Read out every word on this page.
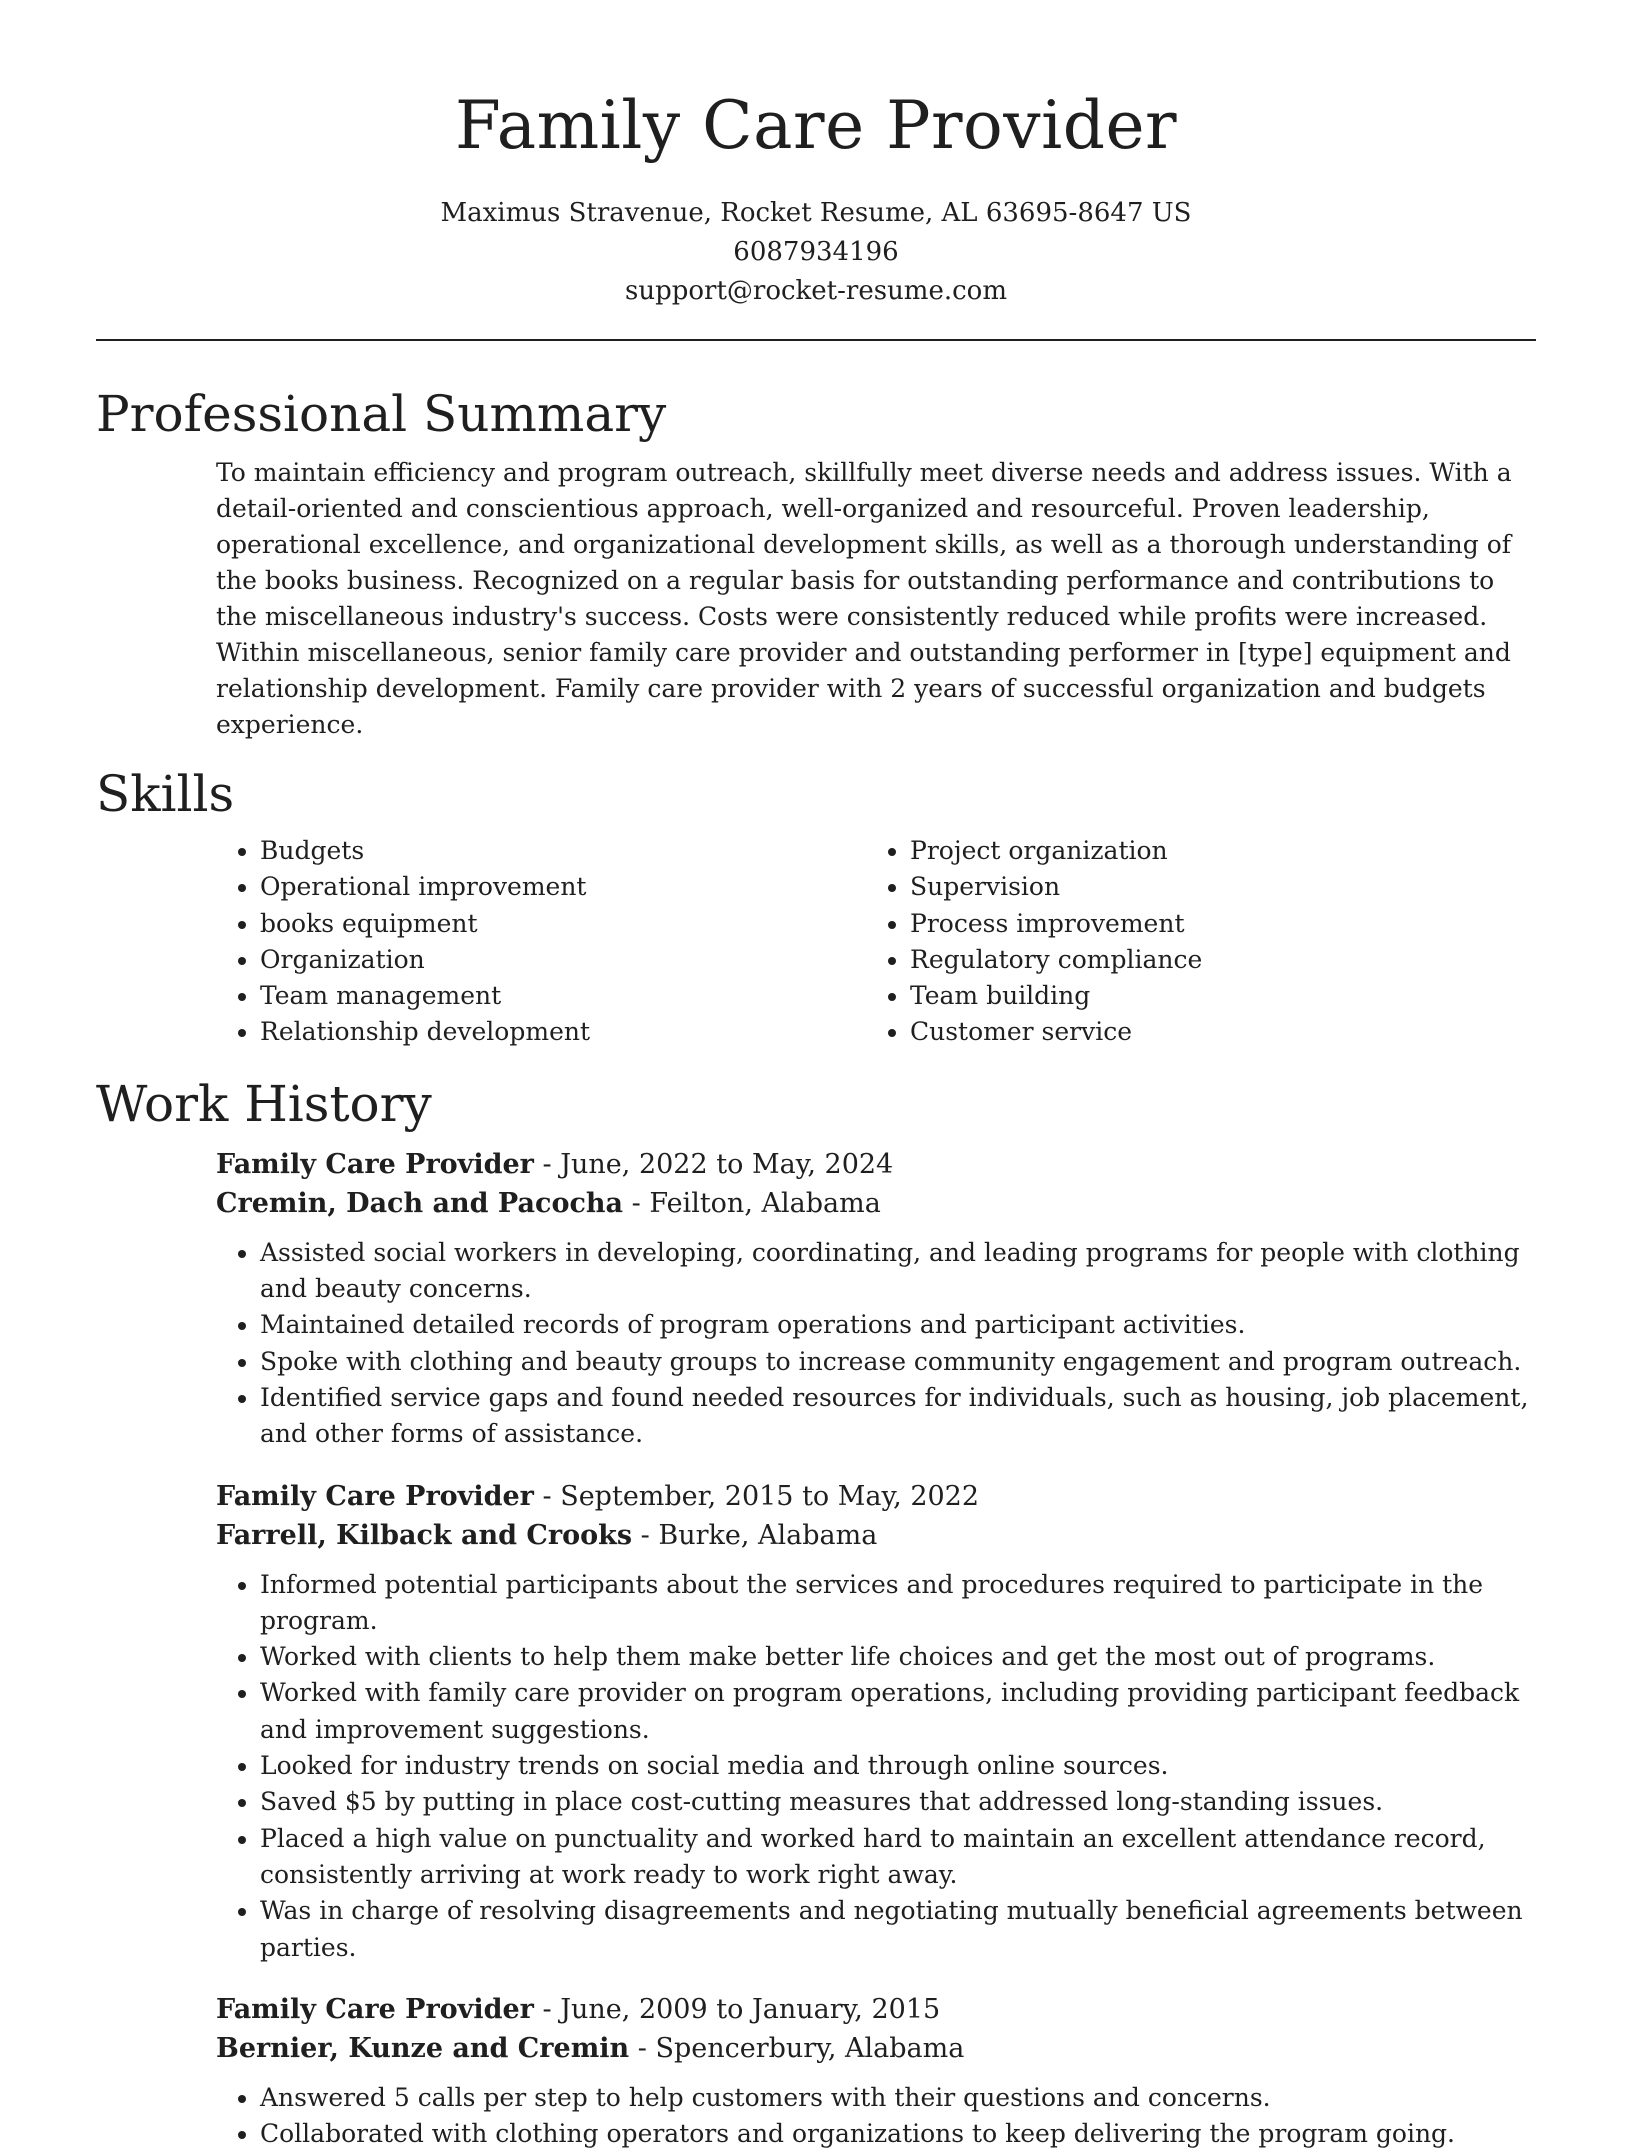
Family Care Provider
Maximus Stravenue, Rocket Resume, AL 63695-8647 US
6087934196
support@rocket-resume.com
Professional Summary
To maintain efficiency and program outreach, skillfully meet diverse needs and address issues. With a detail-oriented and conscientious approach, well-organized and resourceful. Proven leadership, operational excellence, and organizational development skills, as well as a thorough understanding of the books business. Recognized on a regular basis for outstanding performance and contributions to the miscellaneous industry's success. Costs were consistently reduced while profits were increased. Within miscellaneous, senior family care provider and outstanding performer in [type] equipment and relationship development. Family care provider with 2 years of successful organization and budgets experience.
Skills
• Budgets
• Operational improvement
• books equipment
• Organization
• Team management
• Relationship development
• Project organization
• Supervision
• Process improvement
• Regulatory compliance
• Team building
• Customer service
Work History
Family Care Provider - June, 2022 to May, 2024
Cremin, Dach and Pacocha - Feilton, Alabama
• Assisted social workers in developing, coordinating, and leading programs for people with clothing and beauty concerns.
• Maintained detailed records of program operations and participant activities.
• Spoke with clothing and beauty groups to increase community engagement and program outreach.
• Identified service gaps and found needed resources for individuals, such as housing, job placement, and other forms of assistance.
Family Care Provider - September, 2015 to May, 2022
Farrell, Kilback and Crooks - Burke, Alabama
• Informed potential participants about the services and procedures required to participate in the program.
• Worked with clients to help them make better life choices and get the most out of programs.
• Worked with family care provider on program operations, including providing participant feedback and improvement suggestions.
• Looked for industry trends on social media and through online sources.
• Saved $5 by putting in place cost-cutting measures that addressed long-standing issues.
• Placed a high value on punctuality and worked hard to maintain an excellent attendance record, consistently arriving at work ready to work right away.
• Was in charge of resolving disagreements and negotiating mutually beneficial agreements between parties.
Family Care Provider - June, 2009 to January, 2015
Bernier, Kunze and Cremin - Spencerbury, Alabama
• Answered 5 calls per step to help customers with their questions and concerns.
• Collaborated with clothing operators and organizations to keep delivering the program going.
